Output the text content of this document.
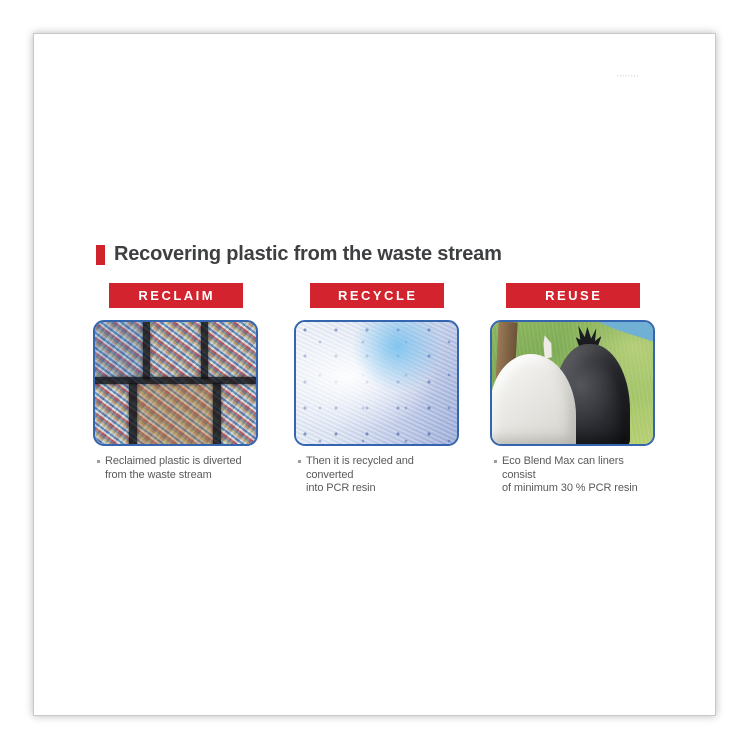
▪▪▪▪▪▪▪▪
Recovering plastic from the waste stream
RECLAIM
Reclaimed plastic is diverted
from the waste stream
RECYCLE
Then it is recycled and converted
into PCR resin
REUSE
Eco Blend Max can liners consist
of minimum 30 % PCR resin
